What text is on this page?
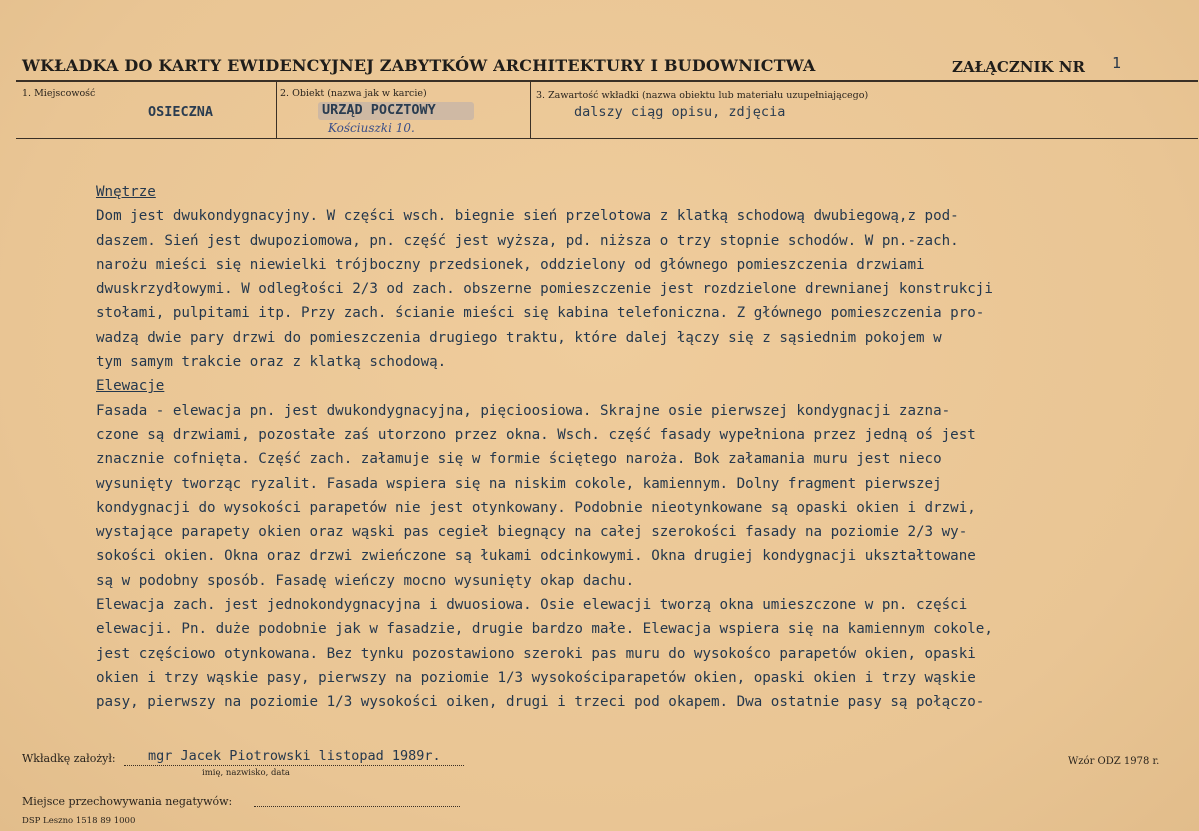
WKŁADKA DO KARTY EWIDENCYJNEJ ZABYTKÓW ARCHITEKTURY I BUDOWNICTWA	ZAŁĄCZNIK NR 1
1. Miejscowość
OSIECZNA
2. Obiekt (nazwa jak w karcie)
URZĄD POCZTOWY
Kościuszki 10.
3. Zawartość wkładki (nazwa obiektu lub materiału uzupełniającego)
dalszy ciąg opisu, zdjęcia
Wnętrze
Dom jest dwukondygnacyjny. W części wsch. biegnie sień przelotowa z klatką schodową dwubiegową,z pod-
daszem. Sień jest dwupoziomowa, pn. część jest wyższa, pd. niższa o trzy stopnie schodów. W pn.-zach.
narożu mieści się niewielki trójboczny przedsionek, oddzielony od głównego pomieszczenia drzwiami
dwuskrzydłowymi. W odległości 2/3 od zach. obszerne pomieszczenie jest rozdzielone drewnianej konstrukcji
stołami, pulpitami itp. Przy zach. ścianie mieści się kabina telefoniczna. Z głównego pomieszczenia pro-
wadzą dwie pary drzwi do pomieszczenia drugiego traktu, które dalej łączy się z sąsiednim pokojem w
tym samym trakcie oraz z klatką schodową.
Elewacje
Fasada - elewacja pn. jest dwukondygnacyjna, pięcioosiowa. Skrajne osie pierwszej kondygnacji zazna-
czone są drzwiami, pozostałe zaś utorzono przez okna. Wsch. część fasady wypełniona przez jedną oś jest
znacznie cofnięta. Część zach. załamuje się w formie ściętego naroża. Bok załamania muru jest nieco
wysunięty tworząc ryzalit. Fasada wspiera się na niskim cokole, kamiennym. Dolny fragment pierwszej
kondygnacji do wysokości parapetów nie jest otynkowany. Podobnie nieotynkowane są opaski okien i drzwi,
wystające parapety okien oraz wąski pas cegieł biegnący na całej szerokości fasady na poziomie 2/3 wy-
sokości okien. Okna oraz drzwi zwieńczone są łukami odcinkowymi. Okna drugiej kondygnacji ukształtowane
są w podobny sposób. Fasadę wieńczy mocno wysunięty okap dachu.
Elewacja zach. jest jednokondygnacyjna i dwuosiowa. Osie elewacji tworzą okna umieszczone w pn. części
elewacji. Pn. duże podobnie jak w fasadzie, drugie bardzo małe. Elewacja wspiera się na kamiennym cokole,
jest częściowo otynkowana. Bez tynku pozostawiono szeroki pas muru do wysokośco parapetów okien, opaski
okien i trzy wąskie pasy, pierwszy na poziomie 1/3 wysokościparapetów okien, opaski okien i trzy wąskie
pasy, pierwszy na poziomie 1/3 wysokości oiken, drugi i trzeci pod okapem. Dwa ostatnie pasy są połączo-
Wkładkę założył: mgr Jacek Piotrowski listopad 1989r.
imię, nazwisko, data
Wzór ODZ 1978 r.
Miejsce przechowywania negatywów:
DSP Leszno 1518 89 1000
